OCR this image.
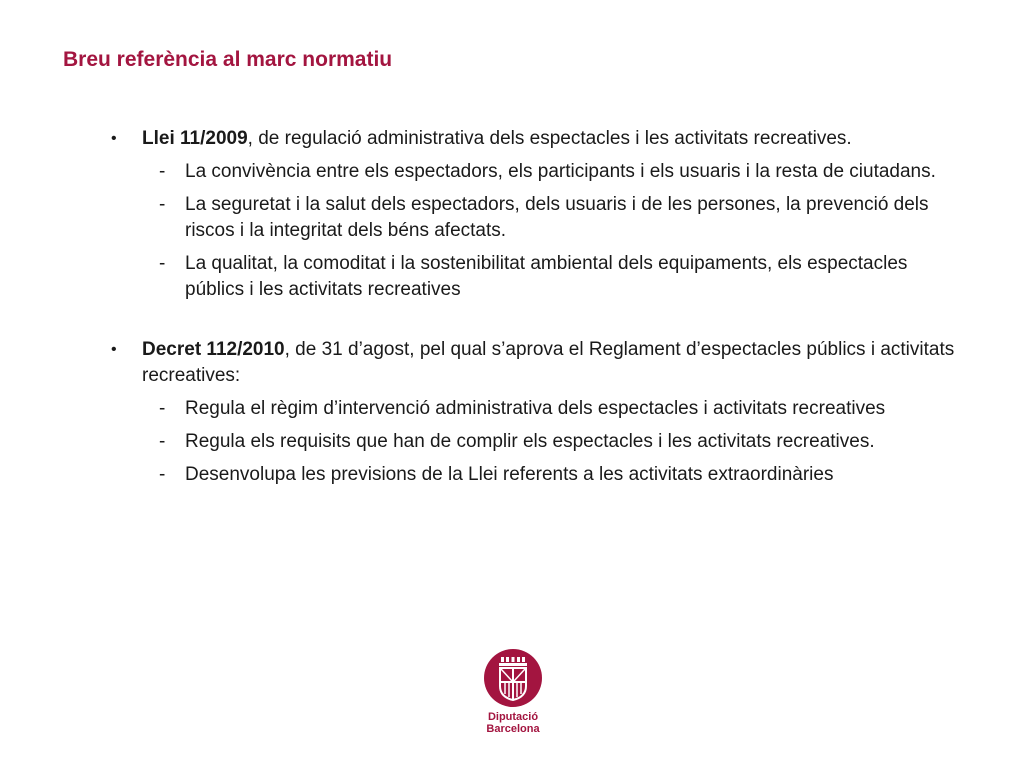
Breu referència al marc normatiu
• Llei 11/2009, de regulació administrativa dels espectacles i les activitats recreatives.
- La convivència entre els espectadors, els participants i els usuaris i la resta de ciutadans.
- La seguretat i la salut dels espectadors, dels usuaris i de les persones, la prevenció dels riscos i la integritat dels béns afectats.
- La qualitat, la comoditat i la sostenibilitat ambiental dels equipaments, els espectacles públics i les activitats recreatives
• Decret 112/2010, de 31 d’agost, pel qual s’aprova el Reglament d’espectacles públics i activitats recreatives:
- Regula el règim d’intervenció administrativa dels espectacles i activitats recreatives
- Regula els requisits que han de complir els espectacles i les activitats recreatives.
- Desenvolupa les previsions de la Llei referents a les activitats extraordinàries
Diputació
Barcelona
